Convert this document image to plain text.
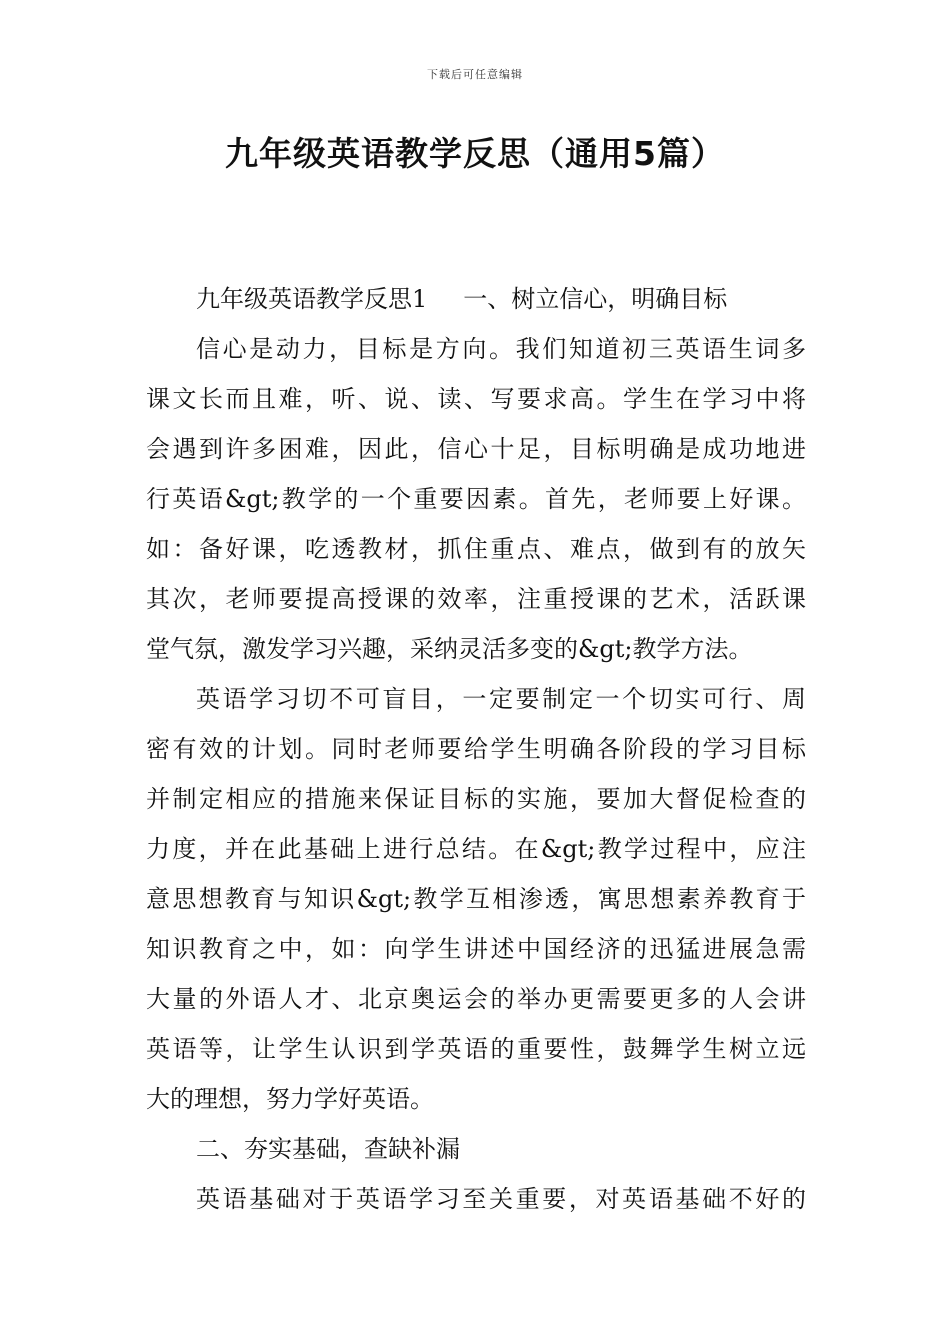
下载后可任意编辑
九年级英语教学反思（通用5篇）

九年级英语教学反思1 一、树立信心，明确目标

信心是动力，目标是方向。我们知道初三英语生词多

课文长而且难，听、说、读、写要求高。学生在学习中将

会遇到许多困难，因此，信心十足，目标明确是成功地进

行英语&gt;教学的一个重要因素。首先，老师要上好课。

如：备好课，吃透教材，抓住重点、难点，做到有的放矢

其次，老师要提高授课的效率，注重授课的艺术，活跃课

堂气氛，激发学习兴趣，采纳灵活多变的&gt;教学方法。

英语学习切不可盲目，一定要制定一个切实可行、周

密有效的计划。同时老师要给学生明确各阶段的学习目标

并制定相应的措施来保证目标的实施，要加大督促检查的

力度，并在此基础上进行总结。在&gt;教学过程中，应注

意思想教育与知识&gt;教学互相渗透，寓思想素养教育于

知识教育之中，如：向学生讲述中国经济的迅猛进展急需

大量的外语人才、北京奥运会的举办更需要更多的人会讲

英语等，让学生认识到学英语的重要性，鼓舞学生树立远

大的理想，努力学好英语。

二、夯实基础，查缺补漏

英语基础对于英语学习至关重要，对英语基础不好的
